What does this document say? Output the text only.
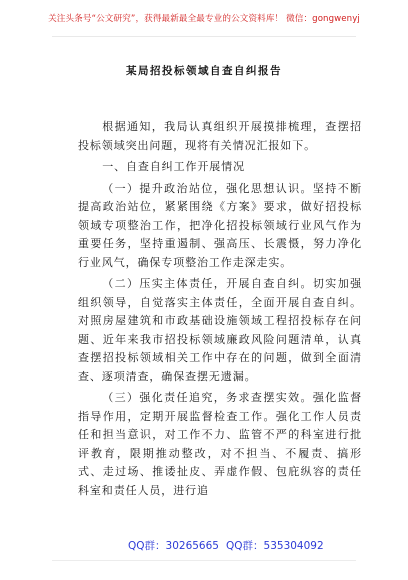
关注头条号“公文研究”，获得最新最全最专业的公文资料库！ 微信：gongwenyj
某局招投标领域自查自纠报告

根据通知，我局认真组织开展摸排梳理，查摆招投标领域突出问题，现将有关情况汇报如下。

一、自查自纠工作开展情况

（一）提升政治站位，强化思想认识。坚持不断提高政治站位，紧紧围绕《方案》要求，做好招投标领域专项整治工作，把净化招投标领域行业风气作为重要任务，坚持重遏制、强高压、长震慑，努力净化行业风气，确保专项整治工作走深走实。

（二）压实主体责任，开展自查自纠。切实加强组织领导，自觉落实主体责任，全面开展自查自纠。对照房屋建筑和市政基础设施领域工程招投标存在问题、近年来我市招投标领域廉政风险问题清单，认真查摆招投标领域相关工作中存在的问题，做到全面清查、逐项清查，确保查摆无遗漏。

（三）强化责任追究，务求查摆实效。强化监督指导作用，定期开展监督检查工作。强化工作人员责任和担当意识，对工作不力、监管不严的科室进行批评教育，限期推动整改，对不担当、不履责、搞形式、走过场、推诿扯皮、弄虚作假、包庇纵容的责任科室和责任人员，进行追

QQ群：30265665 QQ群：535304092
